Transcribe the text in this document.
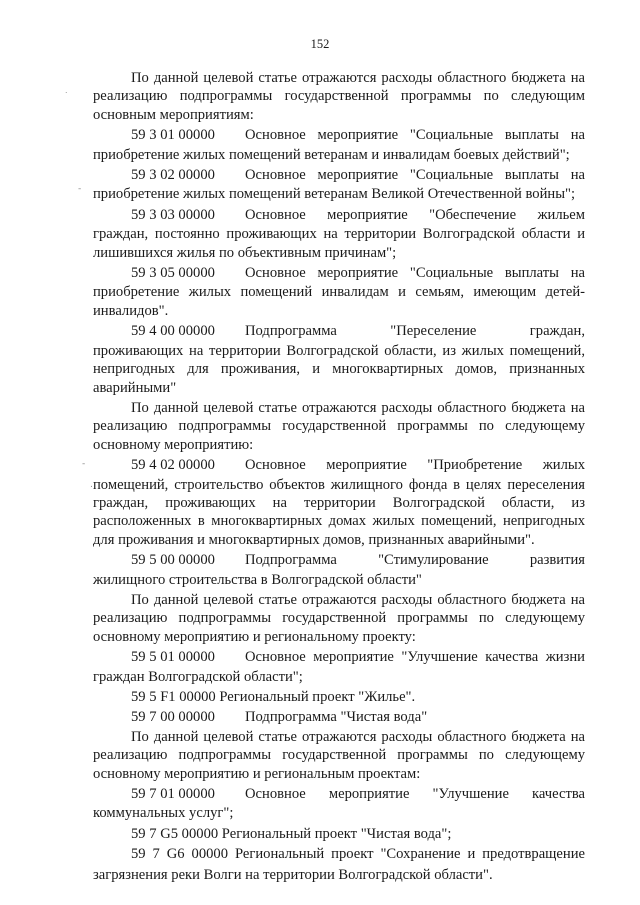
152
˙
-
-
.

По данной целевой статье отражаются расходы областного бюджета на реализацию подпрограммы государственной программы по следующим основным мероприятиям:

59 3 01 00000	Основное мероприятие "Социальные выплаты на

приобретение жилых помещений ветеранам и инвалидам боевых действий";

59 3 02 00000	Основное мероприятие "Социальные выплаты на

приобретение жилых помещений ветеранам Великой Отечественной войны";

59 3 03 00000	Основное мероприятие "Обеспечение жильем

граждан, постоянно проживающих на территории Волгоградской области и лишившихся жилья по объективным причинам";

59 3 05 00000	Основное мероприятие "Социальные выплаты на

приобретение жилых помещений инвалидам и семьям, имеющим детей-инвалидов".

59 4 00 00000	Подпрограмма "Переселение граждан,

проживающих на территории Волгоградской области, из жилых помещений, непригодных для проживания, и многоквартирных домов, признанных аварийными"

По данной целевой статье отражаются расходы областного бюджета на реализацию подпрограммы государственной программы по следующему основному мероприятию:

59 4 02 00000	Основное мероприятие "Приобретение жилых

помещений, строительство объектов жилищного фонда в целях переселения граждан, проживающих на территории Волгоградской области, из расположенных в многоквартирных домах жилых помещений, непригодных для проживания и многоквартирных домов, признанных аварийными".

59 5 00 00000	Подпрограмма "Стимулирование развития

жилищного строительства в Волгоградской области"

По данной целевой статье отражаются расходы областного бюджета на реализацию подпрограммы государственной программы по следующему основному мероприятию и региональному проекту:

59 5 01 00000	Основное мероприятие "Улучшение качества жизни

граждан Волгоградской области";

59 5 F1 00000 Региональный проект "Жилье".

59 7 00 00000	Подпрограмма "Чистая вода"

По данной целевой статье отражаются расходы областного бюджета на реализацию подпрограммы государственной программы по следующему основному мероприятию и региональным проектам:

59 7 01 00000	Основное мероприятие "Улучшение качества

коммунальных услуг";

59 7 G5 00000 Региональный проект "Чистая вода";

59 7 G6 00000 Региональный проект "Сохранение и предотвращение

загрязнения реки Волги на территории Волгоградской области".
